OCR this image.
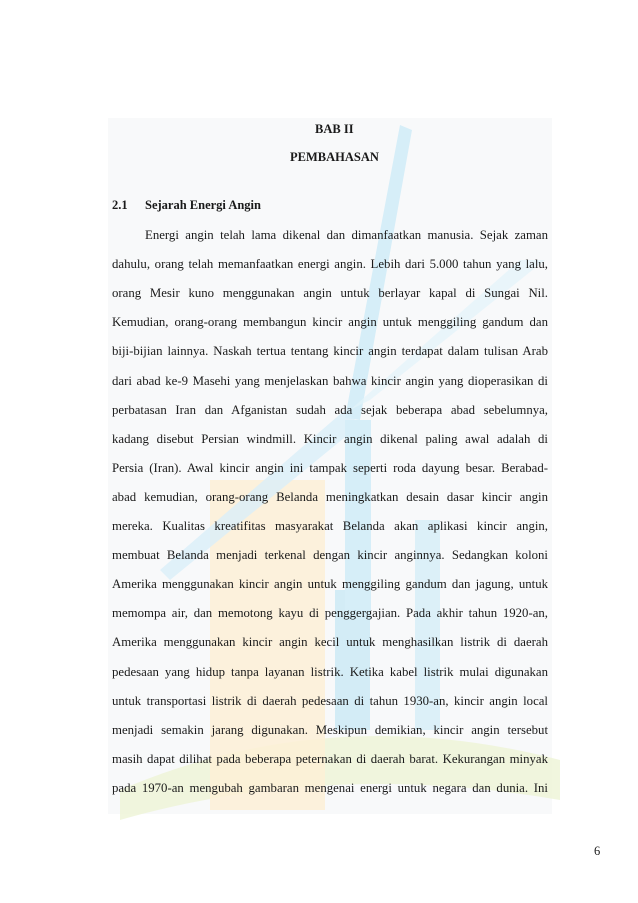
BAB II
PEMBAHASAN
2.1 Sejarah Energi Angin
Energi angin telah lama dikenal dan dimanfaatkan manusia. Sejak zaman
dahulu, orang telah memanfaatkan energi angin. Lebih dari 5.000 tahun yang lalu,
orang Mesir kuno menggunakan angin untuk berlayar kapal di Sungai Nil.
Kemudian, orang-orang membangun kincir angin untuk menggiling gandum dan
biji-bijian lainnya. Naskah tertua tentang kincir angin terdapat dalam tulisan Arab
dari abad ke-9 Masehi yang menjelaskan bahwa kincir angin yang dioperasikan di
perbatasan Iran dan Afganistan sudah ada sejak beberapa abad sebelumnya,
kadang disebut Persian windmill. Kincir angin dikenal paling awal adalah di
Persia (Iran). Awal kincir angin ini tampak seperti roda dayung besar. Berabad-
abad kemudian, orang-orang Belanda meningkatkan desain dasar kincir angin
mereka. Kualitas kreatifitas masyarakat Belanda akan aplikasi kincir angin,
membuat Belanda menjadi terkenal dengan kincir anginnya. Sedangkan koloni
Amerika menggunakan kincir angin untuk menggiling gandum dan jagung, untuk
memompa air, dan memotong kayu di penggergajian. Pada akhir tahun 1920-an,
Amerika menggunakan kincir angin kecil untuk menghasilkan listrik di daerah
pedesaan yang hidup tanpa layanan listrik. Ketika kabel listrik mulai digunakan
untuk transportasi listrik di daerah pedesaan di tahun 1930-an, kincir angin local
menjadi semakin jarang digunakan. Meskipun demikian, kincir angin tersebut
masih dapat dilihat pada beberapa peternakan di daerah barat. Kekurangan minyak
pada 1970-an mengubah gambaran mengenai energi untuk negara dan dunia. Ini
6
